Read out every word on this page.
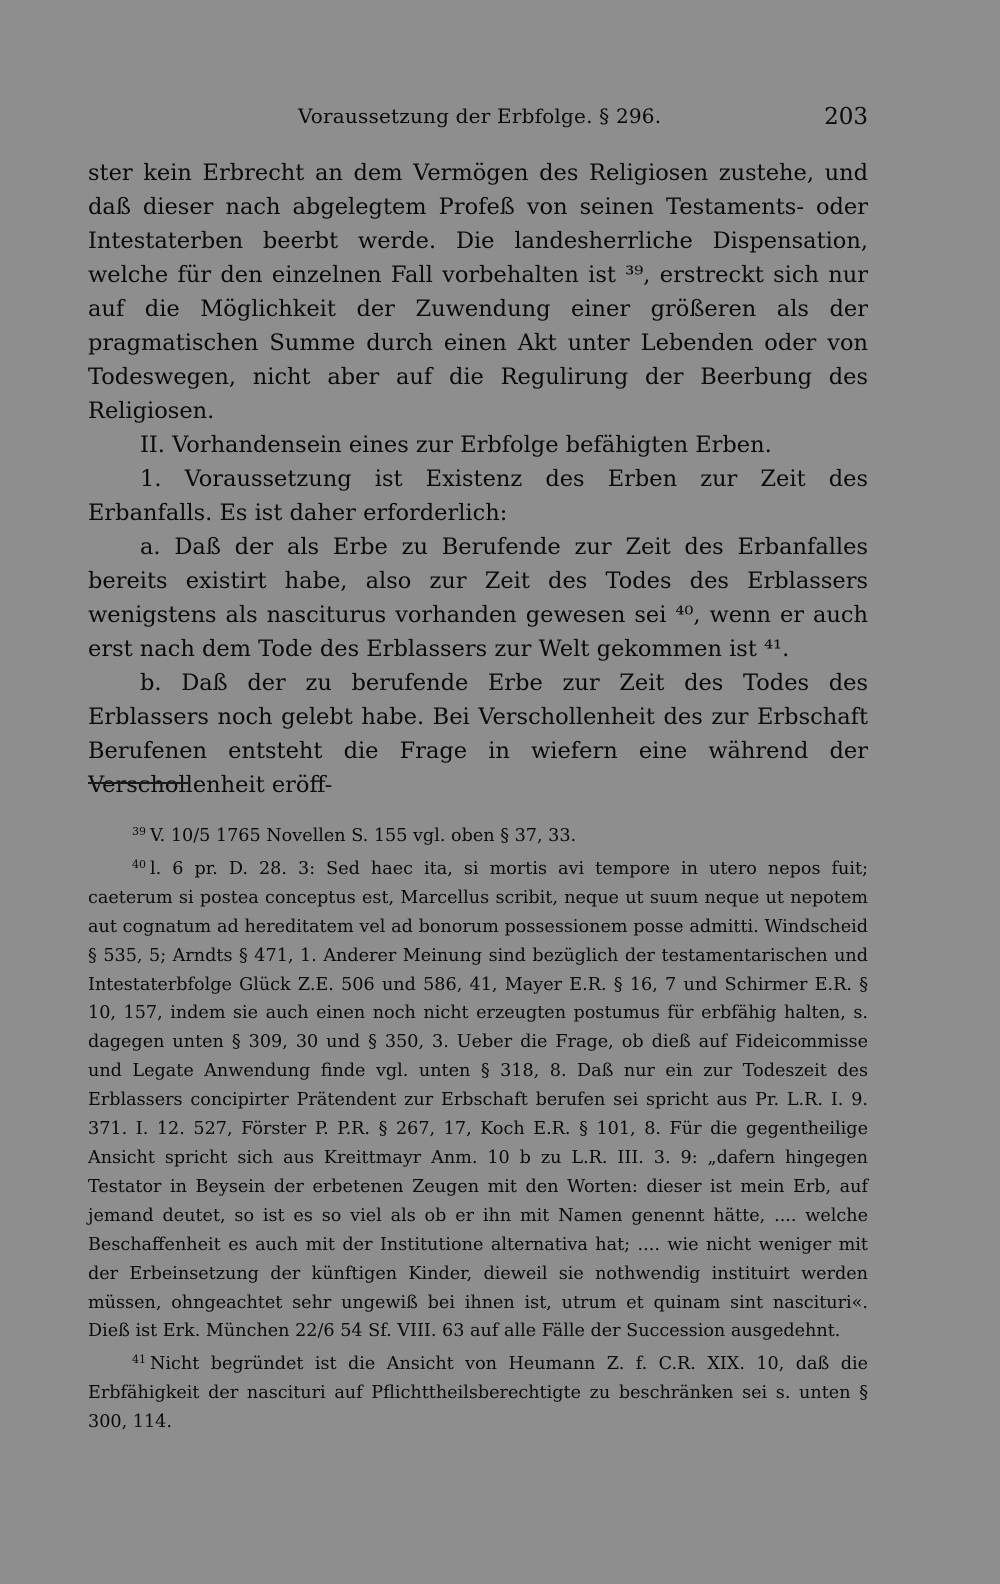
Voraussetzung der Erbfolge. § 296.	203

ster kein Erbrecht an dem Vermögen des Religiosen zustehe, und daß dieser nach abgelegtem Profeß von seinen Testaments- oder Intestaterben beerbt werde. Die landesherrliche Dispensation, welche für den einzelnen Fall vorbehalten ist ³⁹, erstreckt sich nur auf die Möglichkeit der Zuwendung einer größeren als der pragmatischen Summe durch einen Akt unter Lebenden oder von Todeswegen, nicht aber auf die Regulirung der Beerbung des Religiosen.

II. Vorhandensein eines zur Erbfolge befähigten Erben.

1. Voraussetzung ist Existenz des Erben zur Zeit des Erbanfalls. Es ist daher erforderlich:

a. Daß der als Erbe zu Berufende zur Zeit des Erbanfalles bereits existirt habe, also zur Zeit des Todes des Erblassers wenigstens als nasciturus vorhanden gewesen sei ⁴⁰, wenn er auch erst nach dem Tode des Erblassers zur Welt gekommen ist ⁴¹.

b. Daß der zu berufende Erbe zur Zeit des Todes des Erblassers noch gelebt habe. Bei Verschollenheit des zur Erbschaft Berufenen entsteht die Frage in wiefern eine während der Verschollenheit eröff-

$^{39}$ V. 10/5 1765 Novellen S. 155 vgl. oben § 37, 33.

$^{40}$ l. 6 pr. D. 28. 3: Sed haec ita, si mortis avi tempore in utero nepos fuit; caeterum si postea conceptus est, Marcellus scribit, neque ut suum neque ut nepotem aut cognatum ad hereditatem vel ad bonorum possessionem posse admitti. Windscheid § 535, 5; Arndts § 471, 1. Anderer Meinung sind bezüglich der testamentarischen und Intestaterbfolge Glück Z.E. 506 und 586, 41, Mayer E.R. § 16, 7 und Schirmer E.R. § 10, 157, indem sie auch einen noch nicht erzeugten postumus für erbfähig halten, s. dagegen unten § 309, 30 und § 350, 3. Ueber die Frage, ob dieß auf Fideicommisse und Legate Anwendung finde vgl. unten § 318, 8. Daß nur ein zur Todeszeit des Erblassers concipirter Prätendent zur Erbschaft berufen sei spricht aus Pr. L.R. I. 9. 371. I. 12. 527, Förster P. P.R. § 267, 17, Koch E.R. § 101, 8. Für die gegentheilige Ansicht spricht sich aus Kreittmayr Anm. 10 b zu L.R. III. 3. 9: „dafern hingegen Testator in Beysein der erbetenen Zeugen mit den Worten: dieser ist mein Erb, auf jemand deutet, so ist es so viel als ob er ihn mit Namen genennt hätte, .... welche Beschaffenheit es auch mit der Institutione alternativa hat; .... wie nicht weniger mit der Erbeinsetzung der künftigen Kinder, dieweil sie nothwendig instituirt werden müssen, ohngeachtet sehr ungewiß bei ihnen ist, utrum et quinam sint nascituri«. Dieß ist Erk. München 22/6 54 Sf. VIII. 63 auf alle Fälle der Succession ausgedehnt.

$^{41}$ Nicht begründet ist die Ansicht von Heumann Z. f. C.R. XIX. 10, daß die Erbfähigkeit der nascituri auf Pflichttheilsberechtigte zu beschränken sei s. unten § 300, 114.
